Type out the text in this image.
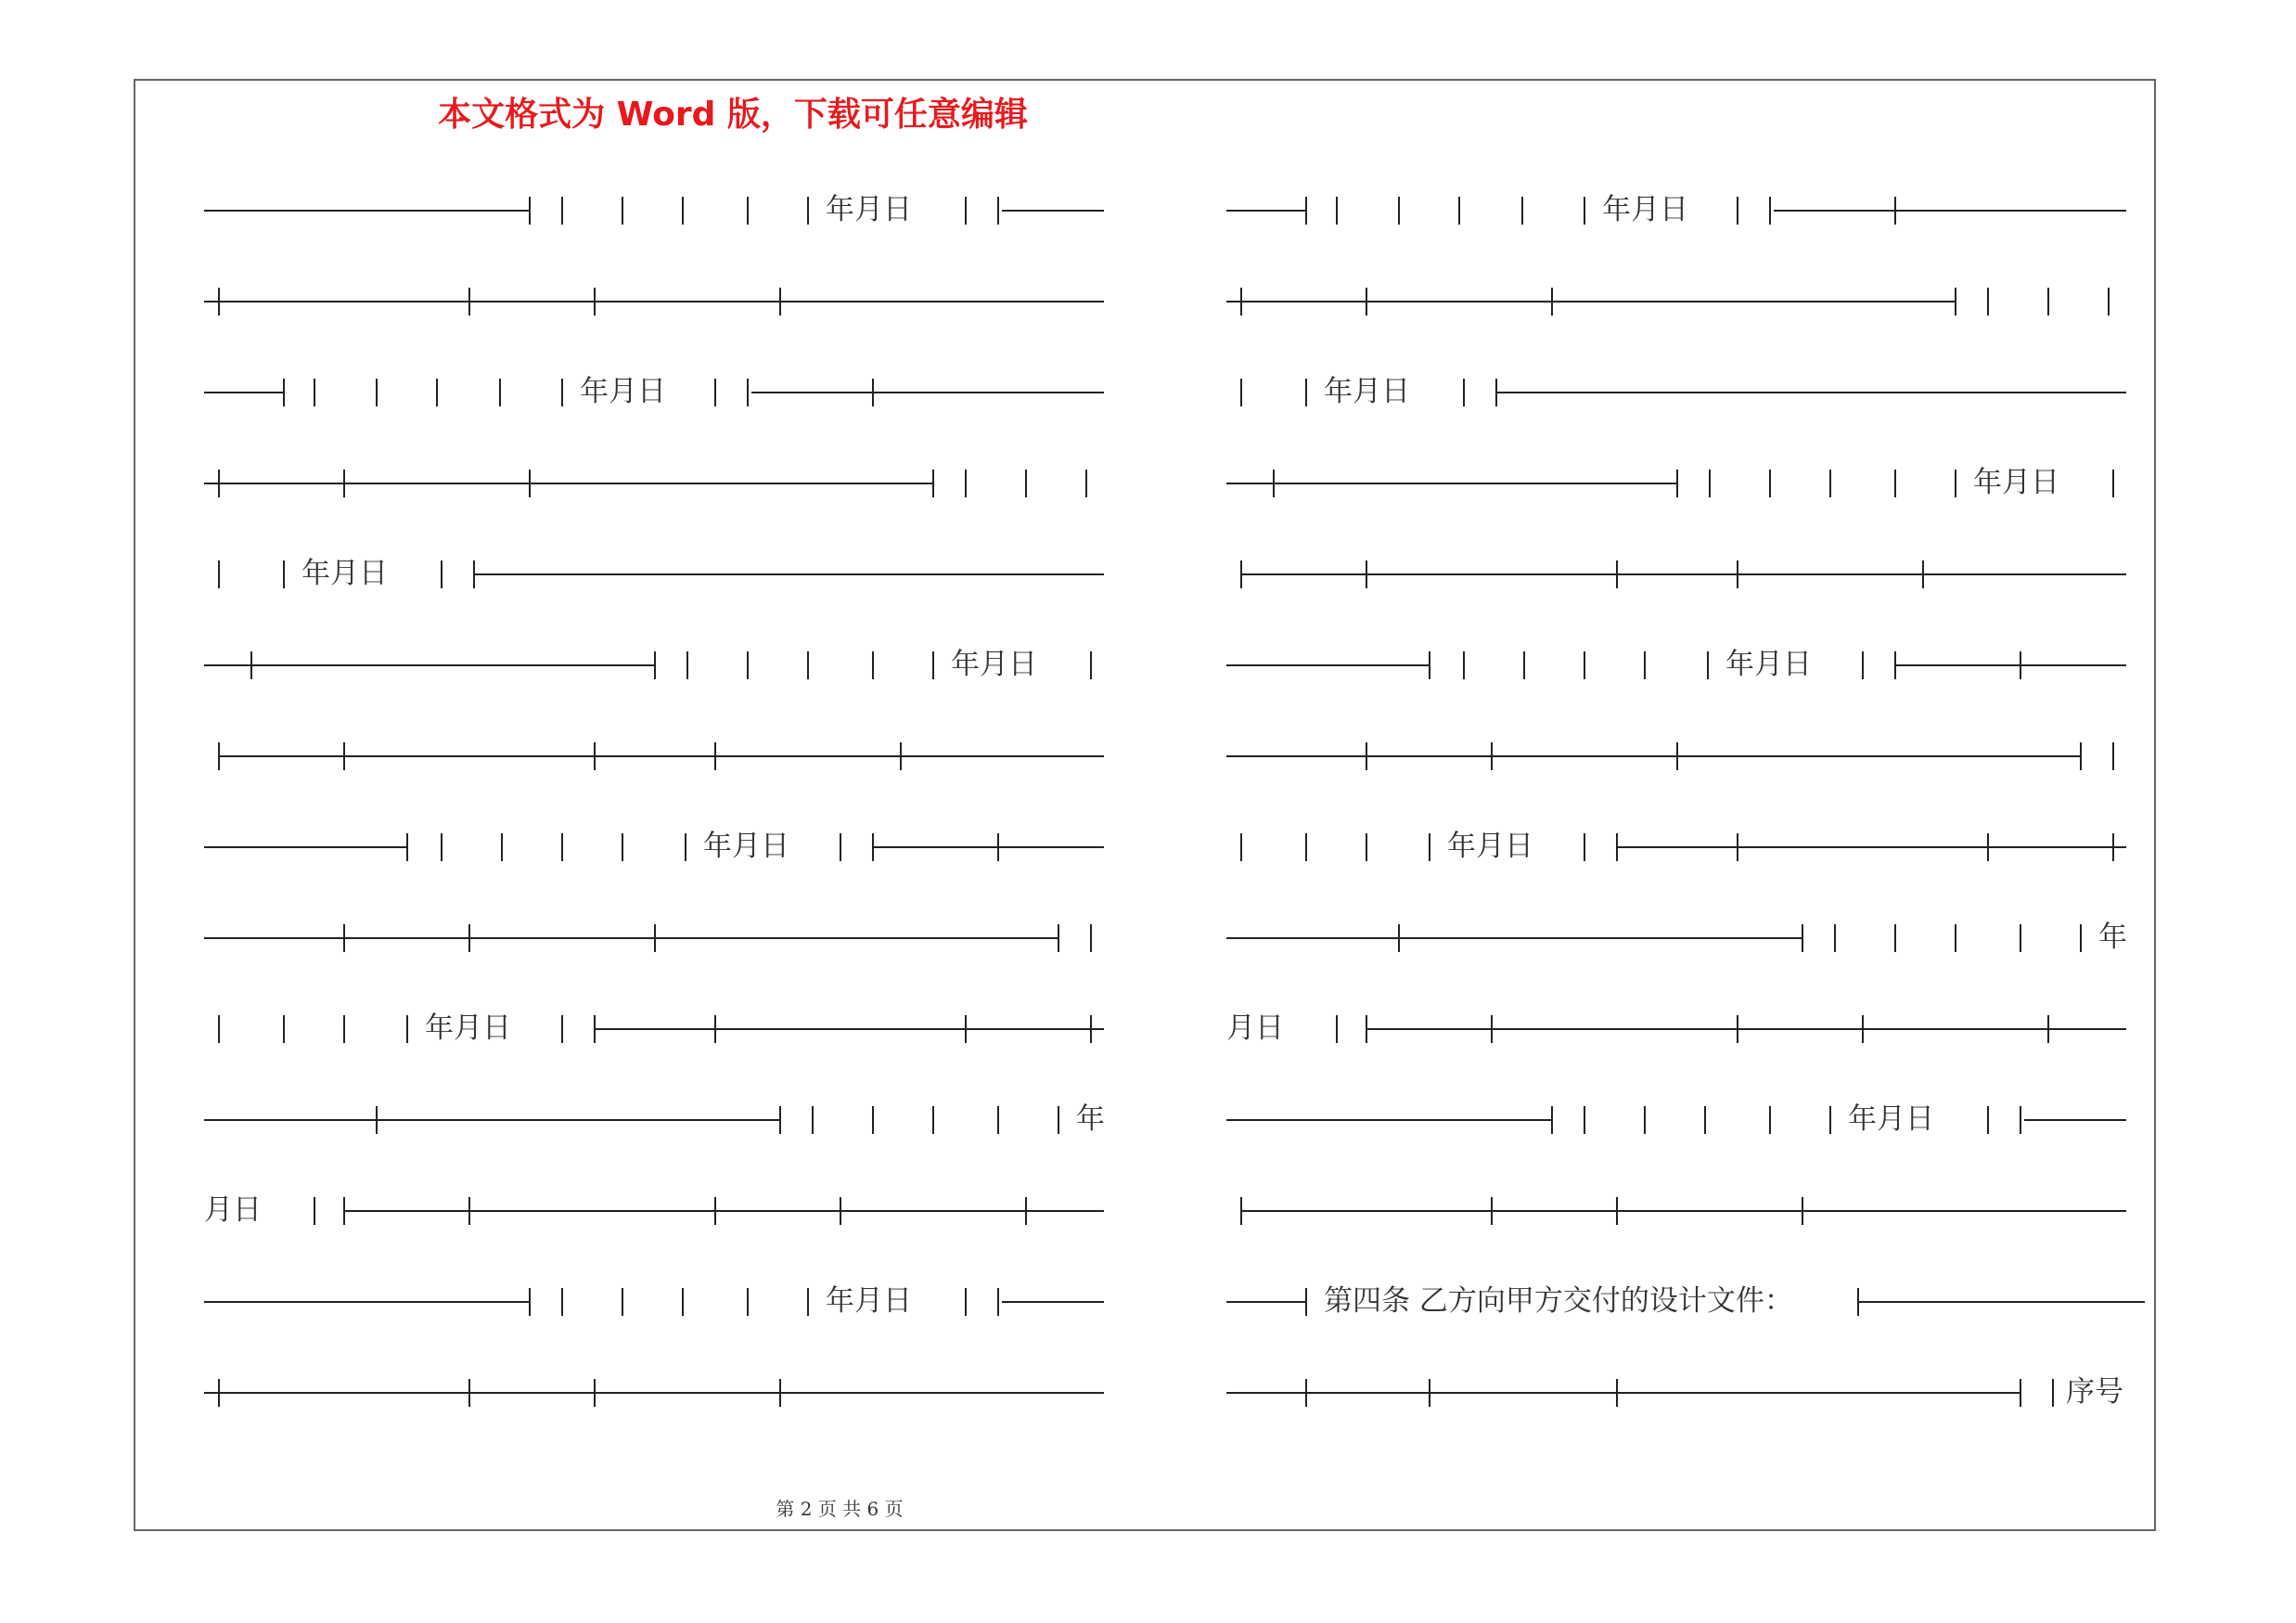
本文格式为 Word 版，下载可任意编辑
年月日
年月日
年月日
年月日
年月日
年月日
年
月日
年月日
年月日
年月日
年月日
年月日
年月日
年
月日
年月日
第四条 乙方向甲方交付的设计文件：
序号
第 2 页 共 6 页
